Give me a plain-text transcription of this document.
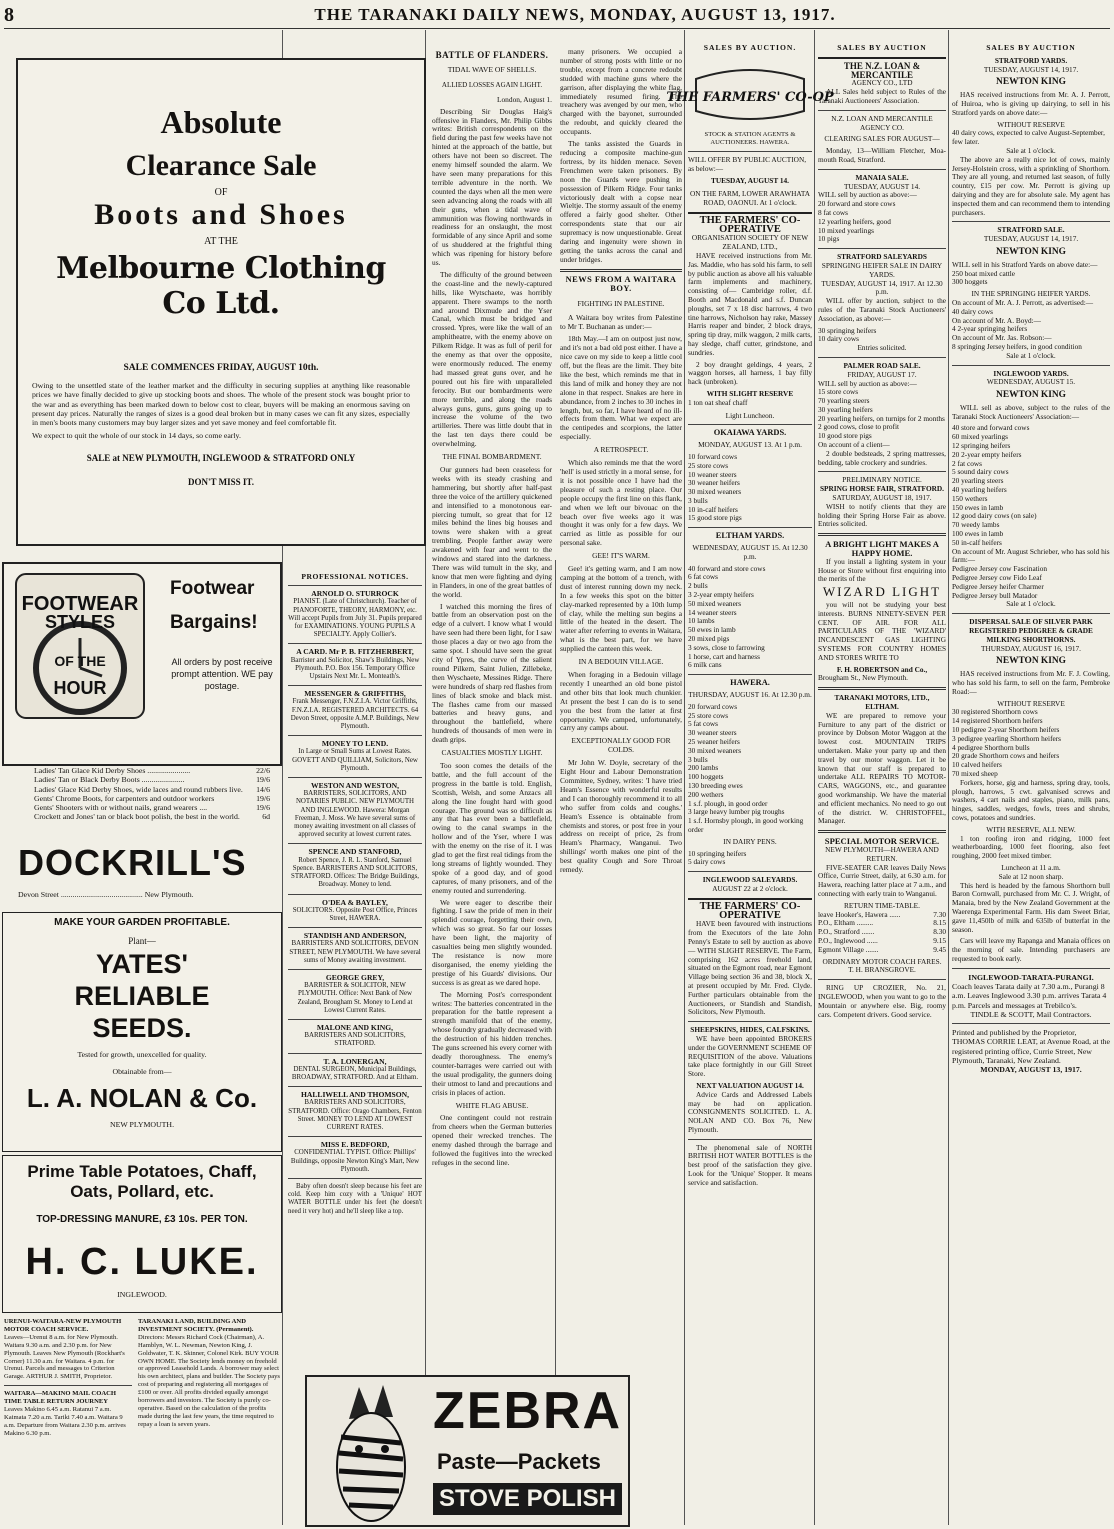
8	THE TARANAKI DAILY NEWS, MONDAY, AUGUST 13, 1917.
Absolute
Clearance Sale
OF
Boots and Shoes
AT THE
Melbourne Clothing Co Ltd.
SALE COMMENCES FRIDAY, AUGUST 10th.
Owing to the unsettled state of the leather market and the difficulty in securing supplies at anything like reasonable prices we have finally decided to give up stocking boots and shoes. The whole of the present stock was bought prior to the war and as everything has been marked down to below cost to clear, buyers will be making an enormous saving on present day prices. Naturally the ranges of sizes is a good deal broken but in many cases we can fit any sizes, especially in men's boots many customers may buy larger sizes and yet save money and feel comfortable fit.
We expect to quit the whole of our stock in 14 days, so come early.
SALE at NEW PLYMOUTH, INGLEWOOD & STRATFORD ONLY
DON'T MISS IT.
FOOTWEAR
STYLES
OF THE
HOUR
Footwear
Bargains!
All orders by post receive prompt attention. WE pay postage.
Ladies' Tan Glace Kid Derby Shoes ......................	22/6
Ladies' Tan or Black Derby Boots ......................	19/6
Ladies' Glace Kid Derby Shoes, wide laces and round rubbers live. 14/6
Gents' Chrome Boots, for carpenters and outdoor workers	19/6
Gents' Shooters with or without nails, grand wearers ....	19/6
Crockett and Jones' tan or black boot polish, the best in the world.	6d
DOCKRILL'S
Devon Street .......................................... New Plymouth.
MAKE YOUR GARDEN PROFITABLE.
Plant—
YATES' RELIABLE SEEDS.
Tested for growth, unexcelled for quality.
Obtainable from—
L. A. NOLAN & Co.
NEW PLYMOUTH.
Prime Table Potatoes, Chaff,
Oats, Pollard, etc.
TOP-DRESSING MANURE, £3 10s. PER TON.
H. C. LUKE.
INGLEWOOD.
URENUI-WAITARA-NEW PLYMOUTH MOTOR COACH SERVICE.
Leaves—Urenui 8 a.m. for New Plymouth. Waitara 9.30 a.m. and 2.30 p.m. for New Plymouth. Leaves New Plymouth (Rockhart's Corner) 11.30 a.m. for Waitara. 4 p.m. for Urenui. Parcels and messages to Criterion Garage. ARTHUR J. SMITH, Proprietor.
WAITARA—MAKINO MAIL COACH TIME TABLE RETURN JOURNEY
Leaves Makino 6.45 a.m. Ratanui 7 a.m. Kaimata 7.20 a.m. Tariki 7.40 a.m. Waitara 9 a.m. Departure from Waitara 2.30 p.m. arrives Makino 6.30 p.m.
TARANAKI LAND, BUILDING AND INVESTMENT SOCIETY. (Permanent).
Directors: Messrs Richard Cock (Chairman), A. Hamblyn, W. L. Newman, Newton King, J. Goldwater, T. K. Skinner, Colonel Kirk. BUY YOUR OWN HOME. The Society lends money on freehold or approved Leasehold Lands. A borrower may select his own architect, plans and builder. The Society pays cost of preparing and registering all mortgages of £100 or over. All profits divided equally amongst borrowers and investors. The Society is purely co-operative. Based on the calculation of the profits made during the last few years, the time required to repay a loan is seven years.
BATTLE OF FLANDERS.
TIDAL WAVE OF SHELLS.
ALLIED LOSSES AGAIN LIGHT.
London, August 1.

Describing Sir Douglas Haig's offensive in Flanders, Mr. Philip Gibbs writes: British correspondents on the field during the past few weeks have not hinted at the approach of the battle, but others have not been so discreet. The enemy himself sounded the alarm. We have seen many preparations for this terrible adventure in the north. We counted the days when all the men were seen advancing along the roads with all their guns, when a tidal wave of ammunition was flowing northwards in readiness for an onslaught, the most formidable of any since April and some of us shuddered at the frightful thing which was ripening for history before us.

The difficulty of the ground between the coast-line and the newly-captured hills, like Wytschaete, was horribly apparent. There swamps to the north and around Dixmude and the Yser Canal, which must be bridged and crossed. Ypres, were like the wall of an amphitheatre, with the enemy above on Pilkem Ridge. It was as full of peril for the enemy as that over the opposite, were enormously reduced. The enemy had massed great guns over, and he poured out his fire with unparalleled ferocity. But our bombardments were more terrible, and along the roads always guns, guns, guns going up to increase the volume of the two artilleries. There was little doubt that in the last ten days there could be overwhelming.

THE FINAL BOMBARDMENT.

Our gunners had been ceaseless for weeks with its steady crashing and hammering, but shortly after half-past three the voice of the artillery quickened and intensified to a monotonous ear-piercing tumult, so great that for 12 miles behind the lines big houses and towns were shaken with a great trembling. People farther away were awakened with fear and went to the windows and stared into the darkness. There was wild tumult in the sky, and know that men were fighting and dying in Flanders, in one of the great battles of the world.

I watched this morning the fires of battle from an observation post on the edge of a culvert. I know what I would have seen had there been light, for I saw those places a day or two ago from the same spot. I should have seen the great city of Ypres, the curve of the salient round Pilkem, Saint Julien, Zillebeke, then Wyschaete, Messines Ridge. There were hundreds of sharp red flashes from lines of black smoke and black mist. The flashes came from our massed batteries and heavy guns, and throughout the battlefield, where hundreds of thousands of men were in death grips.

CASUALTIES MOSTLY LIGHT.

Too soon comes the details of the battle, and the full account of the progress in the battle is told. English, Scottish, Welsh, and some Anzacs all along the line fought hard with good courage. The ground was so difficult as any that has ever been a battlefield, owing to the canal swamps in the hollow and of the Yser, where I was with the enemy on the rise of it. I was glad to get the first real tidings from the long streams of lightly wounded. They spoke of a good day, and of good captures, of many prisoners, and of the enemy routed and surrendering.

We were eager to describe their fighting. I saw the pride of men in their splendid courage, forgetting their own, which was so great. So far our losses have been light, the majority of casualties being men slightly wounded. The resistance is now more disorganised, the enemy yielding the prestige of his Guards' divisions. Our success is as great as we dared hope.

The Morning Post's correspondent writes: The batteries concentrated in the preparation for the battle represent a strength manifold that of the enemy, whose foundry gradually decreased with the destruction of his hidden trenches. The guns screened his every corner with deadly thoroughness. The enemy's counter-barrages were carried out with the usual prodigality, the gunners doing their utmost to land and precautions and crisis in places of action.

WHITE FLAG ABUSE.

One contingent could not restrain from cheers when the German butteries opened their wrecked trenches. The enemy dashed through the barrage and followed the fugitives into the wrecked refuges in the second line.

PROFESSIONAL NOTICES.
ARNOLD O. STURROCK
PIANIST. (Late of Christchurch). Teacher of PIANOFORTE, THEORY, HARMONY, etc. Will accept Pupils from July 31. Pupils prepared for EXAMINATIONS. YOUNG PUPILS A SPECIALTY. Apply Collier's.
A CARD. Mr P. B. FITZHERBERT,
Barrister and Solicitor, Shaw's Buildings, New Plymouth. P.O. Box 156. Temporary Office Upstairs Next Mr. L. Monteath's.
MESSENGER & GRIFFITHS,
Frank Messenger, F.N.Z.I.A. Victor Griffiths, F.N.Z.I.A. REGISTERED ARCHITECTS. 64 Devon Street, opposite A.M.P. Buildings, New Plymouth.
MONEY TO LEND.
In Large or Small Sums at Lowest Rates. GOVETT AND QUILLIAM, Solicitors, New Plymouth.
WESTON AND WESTON,
BARRISTERS, SOLICITORS, AND NOTARIES PUBLIC. NEW PLYMOUTH AND INGLEWOOD. Hawera: Morgan Freeman, J. Moss. We have several sums of money awaiting investment on all classes of approved security at lowest current rates.
SPENCE AND STANFORD,
Robert Spence, J. R. L. Stanford, Samuel Spence. BARRISTERS AND SOLICITORS, STRATFORD. Offices: The Bridge Buildings, Broadway. Money to lend.
O'DEA & BAYLEY,
SOLICITORS. Opposite Post Office, Princes Street, HAWERA.
STANDISH AND ANDERSON,
BARRISTERS AND SOLICITORS, DEVON STREET, NEW PLYMOUTH. We have several sums of Money awaiting investment.
GEORGE GREY,
BARRISTER & SOLICITOR, NEW PLYMOUTH. Office: Next Bank of New Zealand, Brougham St. Money to Lend at Lowest Current Rates.
MALONE AND KING,
BARRISTERS AND SOLICITORS, STRATFORD.
T. A. LONERGAN,
DENTAL SURGEON, Municipal Buildings, BROADWAY, STRATFORD. And at Eltham.
HALLIWELL AND THOMSON,
BARRISTERS AND SOLICITORS, STRATFORD. Office: Orago Chambers, Fenton Street. MONEY TO LEND AT LOWEST CURRENT RATES.
MISS E. BEDFORD,
CONFIDENTIAL TYPIST. Office: Phillips' Buildings, opposite Newton King's Mart, New Plymouth.

Baby often doesn't sleep because his feet are cold. Keep him cozy with a 'Unique' HOT WATER BOTTLE under his feet (he doesn't need it very hot) and he'll sleep like a top.

many prisoners. We occupied a number of strong posts with little or no trouble, except from a concrete redoubt studded with machine guns where the garrison, after displaying the white flag, immediately resumed firing. The treachery was avenged by our men, who charged with the bayonet, surrounded the redoubt, and quickly cleared the occupants.

The tanks assisted the Guards in reducing a composite machine-gun fortress, by its hidden menace. Seven Frenchmen were taken prisoners. By noon the Guards were pushing in possession of Pilkem Ridge. Four tanks victoriously dealt with a copse near Wieltje. The stormy assault of the enemy offered a fairly good shelter. Other correspondents state that our air supremacy is now unquestionable. Great daring and ingenuity were shown in getting the tanks across the canal and under bridges.

NEWS FROM A WAITARA BOY.
FIGHTING IN PALESTINE.

A Waitara boy writes from Palestine to Mr T. Buchanan as under:—

18th May.—I am on outpost just now, and it's not a bad old post either. I have a nice cave on my side to keep a little cool off, but the fleas are the limit. They bite like the best, which reminds me that in this land of milk and honey they are not alone in that respect. Snakes are here in abundance, from 2 inches to 30 inches in length, but, so far, I have heard of no ill-effects from them. What we expect are the centipedes and scorpions, the latter especially.

A RETROSPECT.

Which also reminds me that the word 'hell' is used strictly in a moral sense, for it is not possible once I have had the pleasure of such a resting place. Our people occupy the first line on this flank, and when we left our bivouac on the beach over five weeks ago it was thought it was only for a few days. We carried as little as possible for our personal sake.

GEE! IT'S WARM.

Gee! it's getting warm, and I am now camping at the bottom of a trench, with dust of interest running down my neck. In a few weeks this spot on the bitter clay-marked represented by a 10th lump of clay, while the melting sun begins a little of the heated in the desert. The water after referring to events in Waitara, what is the best part, for we have supplied the canteen this week.

IN A BEDOUIN VILLAGE.

When foraging in a Bedouin village recently I unearthed an old bone pistol and other bits that look much chunkier. At present the best I can do is to send you the best from the latter at first opportunity. We camped, unfortunately, carry any camps about.

EXCEPTIONALLY GOOD FOR COLDS.

Mr John W. Doyle, secretary of the Eight Hour and Labour Demonstration Committee, Sydney, writes: 'I have tried Heam's Essence with wonderful results and I can thoroughly recommend it to all who suffer from colds and coughs.' Heam's Essence is obtainable from chemists and stores, or post free in your address on receipt of price, 2s from Heam's Pharmacy, Wanganui. Two shillings' worth makes one pint of the best quality Cough and Sore Throat remedy.

ZEBRA
Paste—Packets
STOVE POLISH
SALES BY AUCTION.
THE FARMERS' CO-OP
STOCK & STATION AGENTS & AUCTIONEERS. HAWERA.
WILL OFFER BY PUBLIC AUCTION, as below:—
TUESDAY, AUGUST 14.
ON THE FARM, LOWER ARAWHATA ROAD, OAONUI. At 1 o'clock.
THE FARMERS' CO-OPERATIVE
ORGANISATION SOCIETY OF NEW ZEALAND, LTD.,

HAVE received instructions from Mr. Jas. Maddie, who has sold his farm, to sell by public auction as above all his valuable farm implements and machinery, consisting of— Cambridge roller, d.f. Booth and Macdonald and s.f. Duncan ploughs, set 7 x 18 disc harrows, 4 two tine harrows, Nicholson hay rake, Massey Harris reaper and binder, 2 block drays, spring tip dray, milk waggon, 2 milk carts, hay sledge, chaff cutter, grindstone, and sundries.

2 boy draught geldings, 4 years, 2 waggon horses, all harness, 1 bay filly hack (unbroken).

WITH SLIGHT RESERVE
1 ton oat sheaf chaff
Light Luncheon.
OKAIAWA YARDS.
MONDAY, AUGUST 13. At 1 p.m.
10 forward cows
25 store cows
10 weaner steers
30 weaner heifers
30 mixed weaners
3 bulls
10 in-calf heifers
15 good store pigs
ELTHAM YARDS.
WEDNESDAY, AUGUST 15. At 12.30 p.m.
40 forward and store cows
6 fat cows
2 bulls
3 2-year empty heifers
50 mixed weaners
14 weaner steers
10 lambs
50 ewes in lamb
20 mixed pigs
3 sows, close to farrowing
1 horse, cart and harness
6 milk cans
HAWERA.
THURSDAY, AUGUST 16. At 12.30 p.m.
20 forward cows
25 store cows
5 fat cows
30 weaner steers
25 weaner heifers
30 mixed weaners
3 bulls
200 lambs
100 hoggets
130 breeding ewes
200 wethers
1 s.f. plough, in good order
3 large heavy lumber pig troughs
1 s.f. Hornsby plough, in good working order
IN DAIRY PENS.
10 springing heifers
5 dairy cows
INGLEWOOD SALEYARDS.
AUGUST 22 at 2 o'clock.
THE FARMERS' CO-OPERATIVE

HAVE been favoured with instructions from the Executors of the late John Penny's Estate to sell by auction as above— WITH SLIGHT RESERVE. The Farm, comprising 162 acres freehold land, situated on the Egmont road, near Egmont Village being section 36 and 38, block X, at present occupied by Mr. Fred. Clyde. Further particulars obtainable from the Auctioneers, or Standish and Standish, Solicitors, New Plymouth.

SHEEPSKINS, HIDES, CALFSKINS.

WE have been appointed BROKERS under the GOVERNMENT SCHEME OF REQUISITION of the above. Valuations take place fortnightly in our Gill Street Store.

NEXT VALUATION AUGUST 14.

Advice Cards and Addressed Labels may be had on application. CONSIGNMENTS SOLICITED. L. A. NOLAN AND CO. Box 76, New Plymouth.

The phenomenal sale of NORTH BRITISH HOT WATER BOTTLES is the best proof of the satisfaction they give. Look for the 'Unique' Stopper. It means service and satisfaction.

SALES BY AUCTION
THE N.Z. LOAN & MERCANTILE
AGENCY CO., LTD

ALL Sales held subject to Rules of the Taranaki Auctioneers' Association.

N.Z. LOAN AND MERCANTILE AGENCY CO.
CLEARING SALES FOR AUGUST—

Monday, 13—William Fletcher, Moa-mouth Road, Stratford.

MANAIA SALE.
TUESDAY, AUGUST 14.
WILL sell by auction as above:—
20 forward and store cows
8 fat cows
12 yearling heifers, good
10 mixed yearlings
10 pigs
STRATFORD SALEYARDS
SPRINGING HEIFER SALE IN DAIRY YARDS.
TUESDAY, AUGUST 14, 1917. At 12.30 p.m.

WILL offer by auction, subject to the rules of the Taranaki Stock Auctioneers' Association, as above:—

30 springing heifers
10 dairy cows
Entries solicited.
PALMER ROAD SALE.
FRIDAY, AUGUST 17.
WILL sell by auction as above:—
15 store cows
70 yearling steers
30 yearling heifers
20 yearling heifers, on turnips for 2 months
2 good cows, close to profit
10 good store pigs
On account of a client—

2 double bedsteads, 2 spring mattresses, bedding, table crockery and sundries.

PRELIMINARY NOTICE.
SPRING HORSE FAIR, STRATFORD.
SATURDAY, AUGUST 18, 1917.

WISH to notify clients that they are holding their Spring Horse Fair as above. Entries solicited.

A BRIGHT LIGHT MAKES A HAPPY HOME.

If you install a lighting system in your House or Store without first enquiring into the merits of the

WIZARD LIGHT

you will not be studying your best interests. BURNS NINETY-SEVEN PER CENT. OF AIR. FOR ALL PARTICULARS OF THE 'WIZARD' INCANDESCENT GAS LIGHTING SYSTEMS FOR COUNTRY HOMES AND STORES WRITE TO

F. H. ROBERTSON and Co.,
Brougham St., New Plymouth.
TARANAKI MOTORS, LTD., ELTHAM.

WE are prepared to remove your Furniture to any part of the district or province by Dobson Motor Waggon at the lowest cost. MOUNTAIN TRIPS undertaken. Make your party up and then travel by our motor waggon. Let it be known that our staff is prepared to undertake ALL REPAIRS TO MOTOR-CARS, WAGGONS, etc., and guarantee good workmanship. We have the material and efficient mechanics. No need to go out of the district. W. CHRISTOFFEL, Manager.

SPECIAL MOTOR SERVICE.
NEW PLYMOUTH—HAWERA AND RETURN.

FIVE-SEATER CAR leaves Daily News Office, Currie Street, daily, at 6.30 a.m. for Hawera, reaching latter place at 7 a.m., and connecting with early train to Wanganui.

RETURN TIME-TABLE.
leave Hooker's, Hawera ......	7.30
P.O., Eltham .........	8.15
P.O., Stratford .......	8.30
P.O., Inglewood ......	9.15
Egmont Village .......	9.45
ORDINARY MOTOR COACH FARES.
T. H. BRANSGROVE.

RING UP CROZIER, No. 21, INGLEWOOD, when you want to go to the Mountain or anywhere else. Big, roomy cars. Competent drivers. Good service.

SALES BY AUCTION
STRATFORD YARDS.
TUESDAY, AUGUST 14, 1917.
NEWTON KING

HAS received instructions from Mr. A. J. Perrott, of Huiroa, who is giving up dairying, to sell in his Stratford yards on above date:—

WITHOUT RESERVE
40 dairy cows, expected to calve August-September, few later.
Sale at 1 o'clock.

The above are a really nice lot of cows, mainly Jersey-Holstein cross, with a sprinkling of Shorthorn. They are all young, and returned last season, of fully country, £15 per cow. Mr. Perrott is giving up dairying and they are for absolute sale. My agent has inspected them and can recommend them to intending purchasers.

STRATFORD SALE.
TUESDAY, AUGUST 14, 1917.
NEWTON KING
WILL sell in his Stratford Yards on above date:—
250 boat mixed cattle
300 hoggets
IN THE SPRINGING HEIFER YARDS.
On account of Mr. A. J. Perrott, as advertised:—
40 dairy cows
On account of Mr. A. Boyd:—
4 2-year springing heifers
On account of Mr. Jas. Robson:—
8 springing Jersey heifers, in good condition
Sale at 1 o'clock.
INGLEWOOD YARDS.
WEDNESDAY, AUGUST 15.
NEWTON KING

WILL sell as above, subject to the rules of the Taranaki Stock Auctioneers' Association:—

40 store and forward cows
60 mixed yearlings
12 springing heifers
20 2-year empty heifers
2 fat cows
5 sound dairy cows
20 yearling steers
40 yearling heifers
150 wethers
150 ewes in lamb
12 good dairy cows (on sale)
70 weedy lambs
100 ewes in lamb
50 in-calf heifers
On account of Mr. August Schrieber, who has sold his farm:—
Pedigree Jersey cow Fascination
Pedigree Jersey cow Fido Leaf
Pedigree Jersey heifer Charmer
Pedigree Jersey bull Matador
Sale at 1 o'clock.
DISPERSAL SALE OF SILVER PARK REGISTERED PEDIGREE & GRADE MILKING SHORTHORNS.
THURSDAY, AUGUST 16, 1917.
NEWTON KING

HAS received instructions from Mr. F. J. Cowling, who has sold his farm, to sell on the farm, Pembroke Road:—

WITHOUT RESERVE
30 registered Shorthorn cows
14 registered Shorthorn heifers
10 pedigree 2-year Shorthorn heifers
3 pedigree yearling Shorthorn heifers
4 pedigree Shorthorn bulls
20 grade Shorthorn cows and heifers
10 calved heifers
70 mixed sheep

Forkers, horse, gig and harness, spring dray, tools, plough, harrows, 5 cwt. galvanised screws and washers, 4 cart nails and staples, piano, milk pans, hinges, saddles, wedges, fowls, trees and shrubs, cows, potatoes and sundries.

WITH RESERVE, ALL NEW.

1 ton roofing iron and ridging, 1000 feet weatherboarding, 1000 feet flooring, also feet roughing, 2000 feet mixed timber.

Luncheon at 11 a.m.
Sale at 12 noon sharp.

This herd is headed by the famous Shorthorn bull Baron Cornwall, purchased from Mr. C. J. Wright, of Manaia, bred by the New Zealand Government at the Waerenga Experimental Farm. His dam Sweet Briar, gave 11,450lb of milk and 635lb of butterfat in the season.

Cars will leave my Rapanga and Manaia offices on the morning of sale. Intending purchasers are requested to book early.

INGLEWOOD-TARATA-PURANGI.
Coach leaves Tarata daily at 7.30 a.m., Purangi 8 a.m. Leaves Inglewood 3.30 p.m. arrives Tarata 4 p.m. Parcels and messages at Trebilco's.
TINDLE & SCOTT, Mail Contractors.
Printed and published by the Proprietor, THOMAS CORRIE LEAT, at Avenue Road, at the registered printing office, Currie Street, New Plymouth, Taranaki, New Zealand.
MONDAY, AUGUST 13, 1917.
